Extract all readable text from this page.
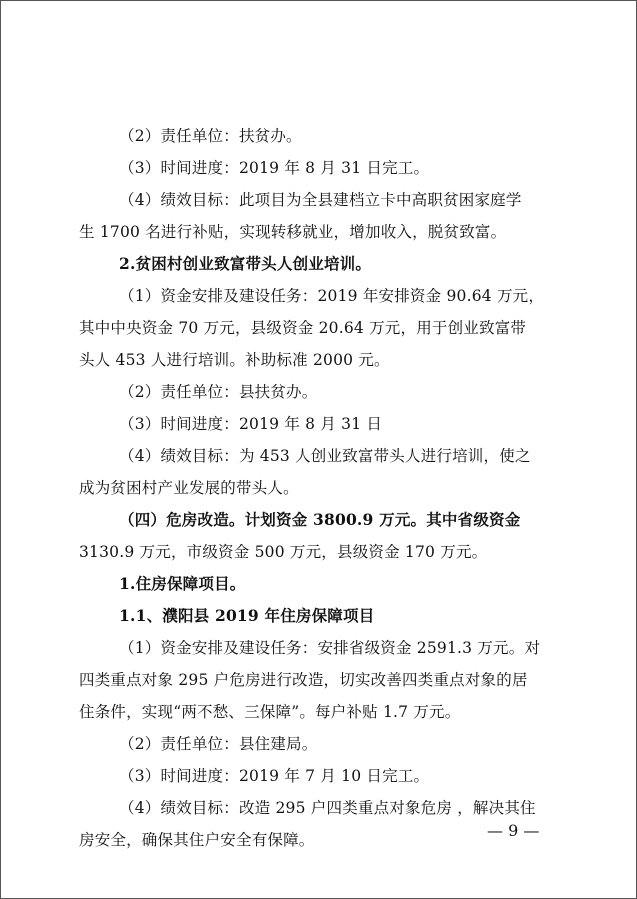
（2）责任单位：扶贫办。
（3）时间进度：2019 年 8 月 31 日完工。
（4）绩效目标：此项目为全县建档立卡中高职贫困家庭学
生 1700 名进行补贴，实现转移就业，增加收入，脱贫致富。
2.贫困村创业致富带头人创业培训。
（1）资金安排及建设任务：2019 年安排资金 90.64 万元，
其中中央资金 70 万元，县级资金 20.64 万元，用于创业致富带
头人 453 人进行培训。补助标准 2000 元。
（2）责任单位：县扶贫办。
（3）时间进度：2019 年 8 月 31 日
（4）绩效目标：为 453 人创业致富带头人进行培训，使之
成为贫困村产业发展的带头人。
（四）危房改造。计划资金 3800.9 万元。其中省级资金
3130.9 万元，市级资金 500 万元，县级资金 170 万元。
1.住房保障项目。
1.1、濮阳县 2019 年住房保障项目
（1）资金安排及建设任务：安排省级资金 2591.3 万元。对
四类重点对象 295 户危房进行改造，切实改善四类重点对象的居
住条件，实现“两不愁、三保障”。每户补贴 1.7 万元。
（2）责任单位：县住建局。
（3）时间进度：2019 年 7 月 10 日完工。
（4）绩效目标：改造 295 户四类重点对象危房 ，解决其住
房安全，确保其住户安全有保障。	— 9 —
